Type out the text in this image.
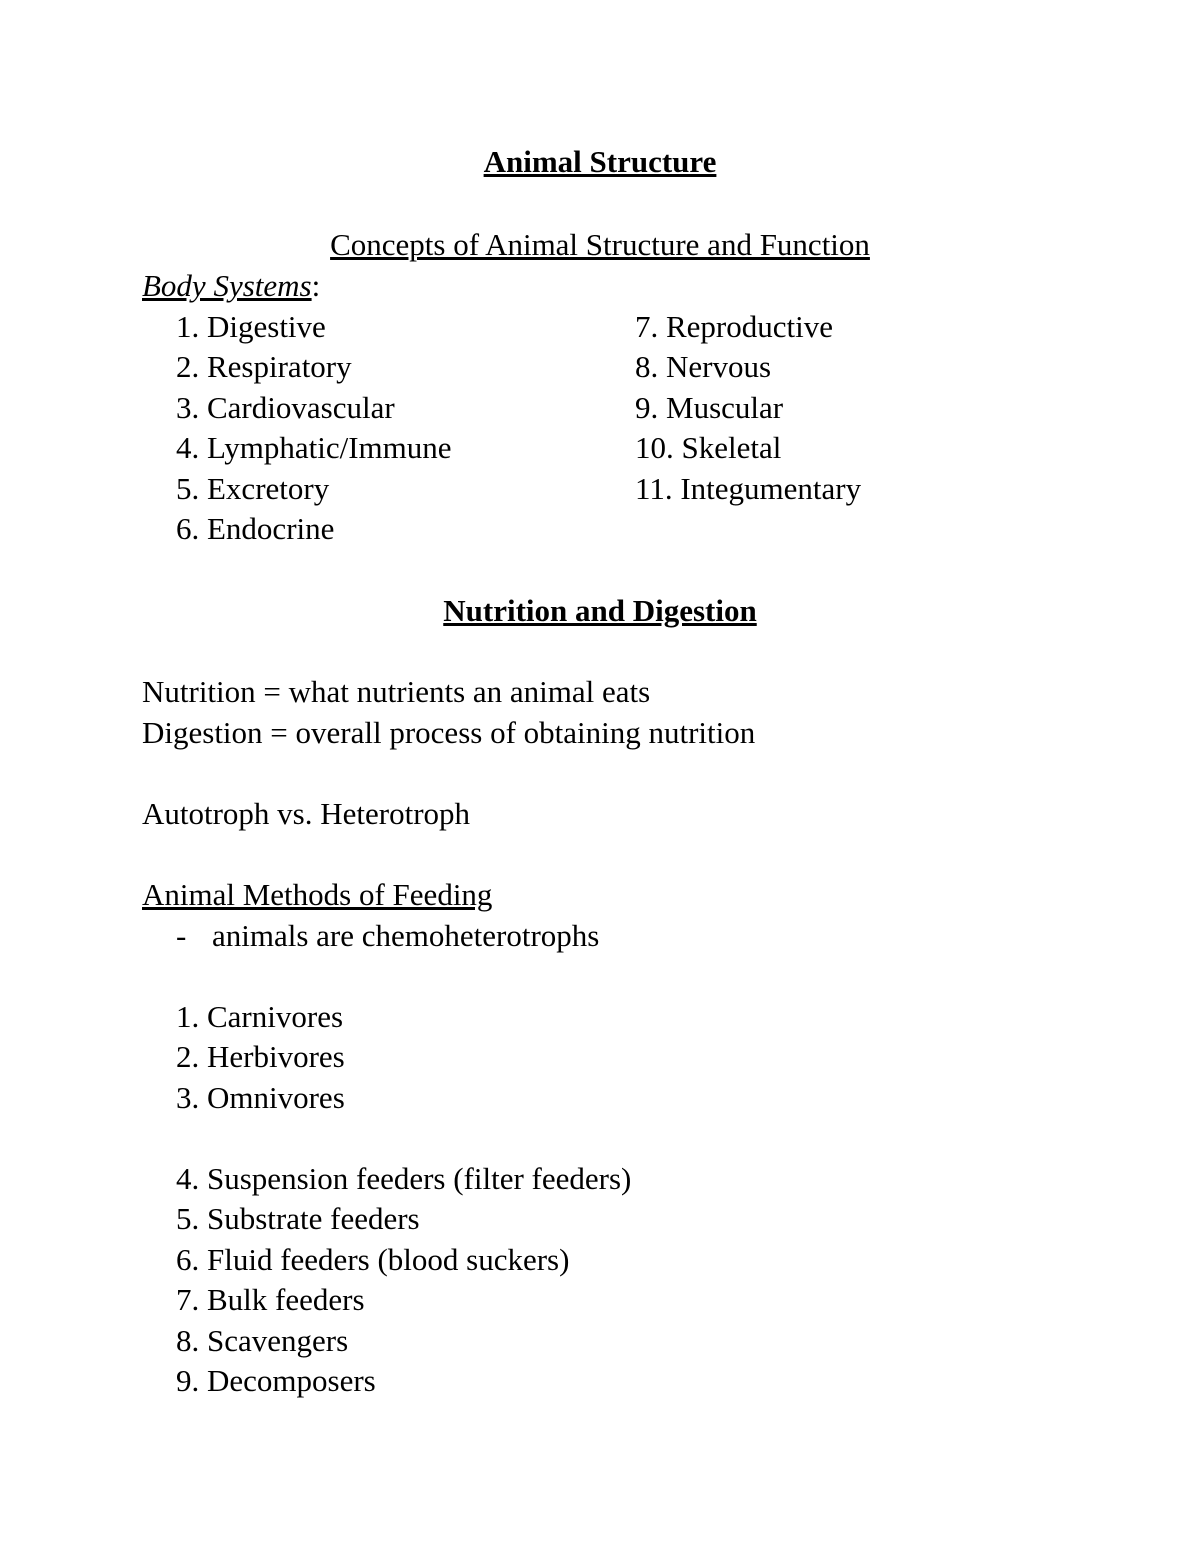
Animal Structure
Concepts of Animal Structure and Function
Body Systems:
1. Digestive
2. Respiratory
3. Cardiovascular
4. Lymphatic/Immune
5. Excretory
6. Endocrine
7. Reproductive
8. Nervous
9. Muscular
10. Skeletal
11. Integumentary
Nutrition and Digestion
Nutrition = what nutrients an animal eats
Digestion = overall process of obtaining nutrition
Autotroph vs. Heterotroph
Animal Methods of Feeding
- animals are chemoheterotrophs
1. Carnivores
2. Herbivores
3. Omnivores
4. Suspension feeders (filter feeders)
5. Substrate feeders
6. Fluid feeders (blood suckers)
7. Bulk feeders
8. Scavengers
9. Decomposers
